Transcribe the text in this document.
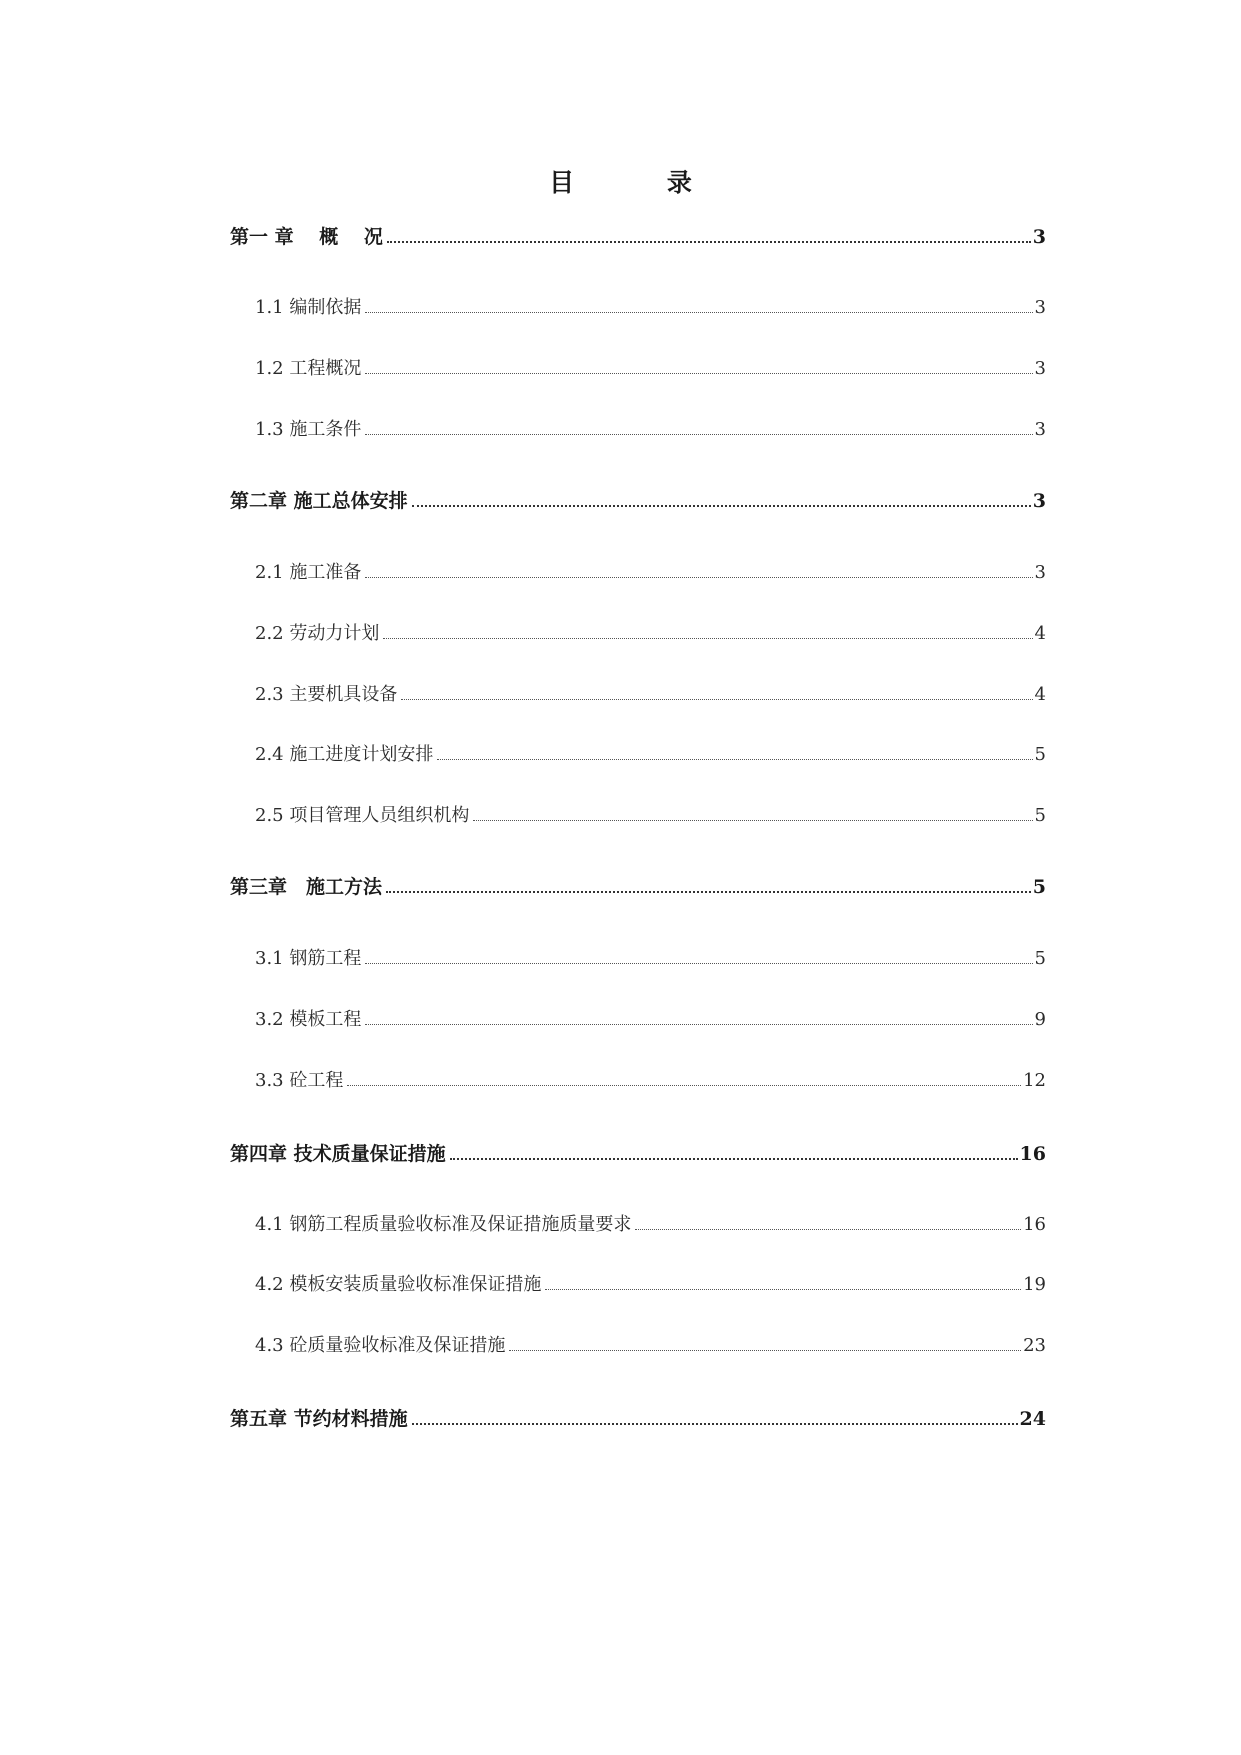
目 录
第一 章　 概　 况	3
1.1 编制依据	3
1.2 工程概况	3
1.3 施工条件	3
第二章 施工总体安排	3
2.1 施工准备	3
2.2 劳动力计划	4
2.3 主要机具设备	4
2.4 施工进度计划安排	5
2.5 项目管理人员组织机构	5
第三章　施工方法	5
3.1 钢筋工程	5
3.2 模板工程	9
3.3 砼工程	12
第四章 技术质量保证措施	16
4.1 钢筋工程质量验收标准及保证措施质量要求	16
4.2 模板安装质量验收标准保证措施	19
4.3 砼质量验收标准及保证措施	23
第五章 节约材料措施	24
